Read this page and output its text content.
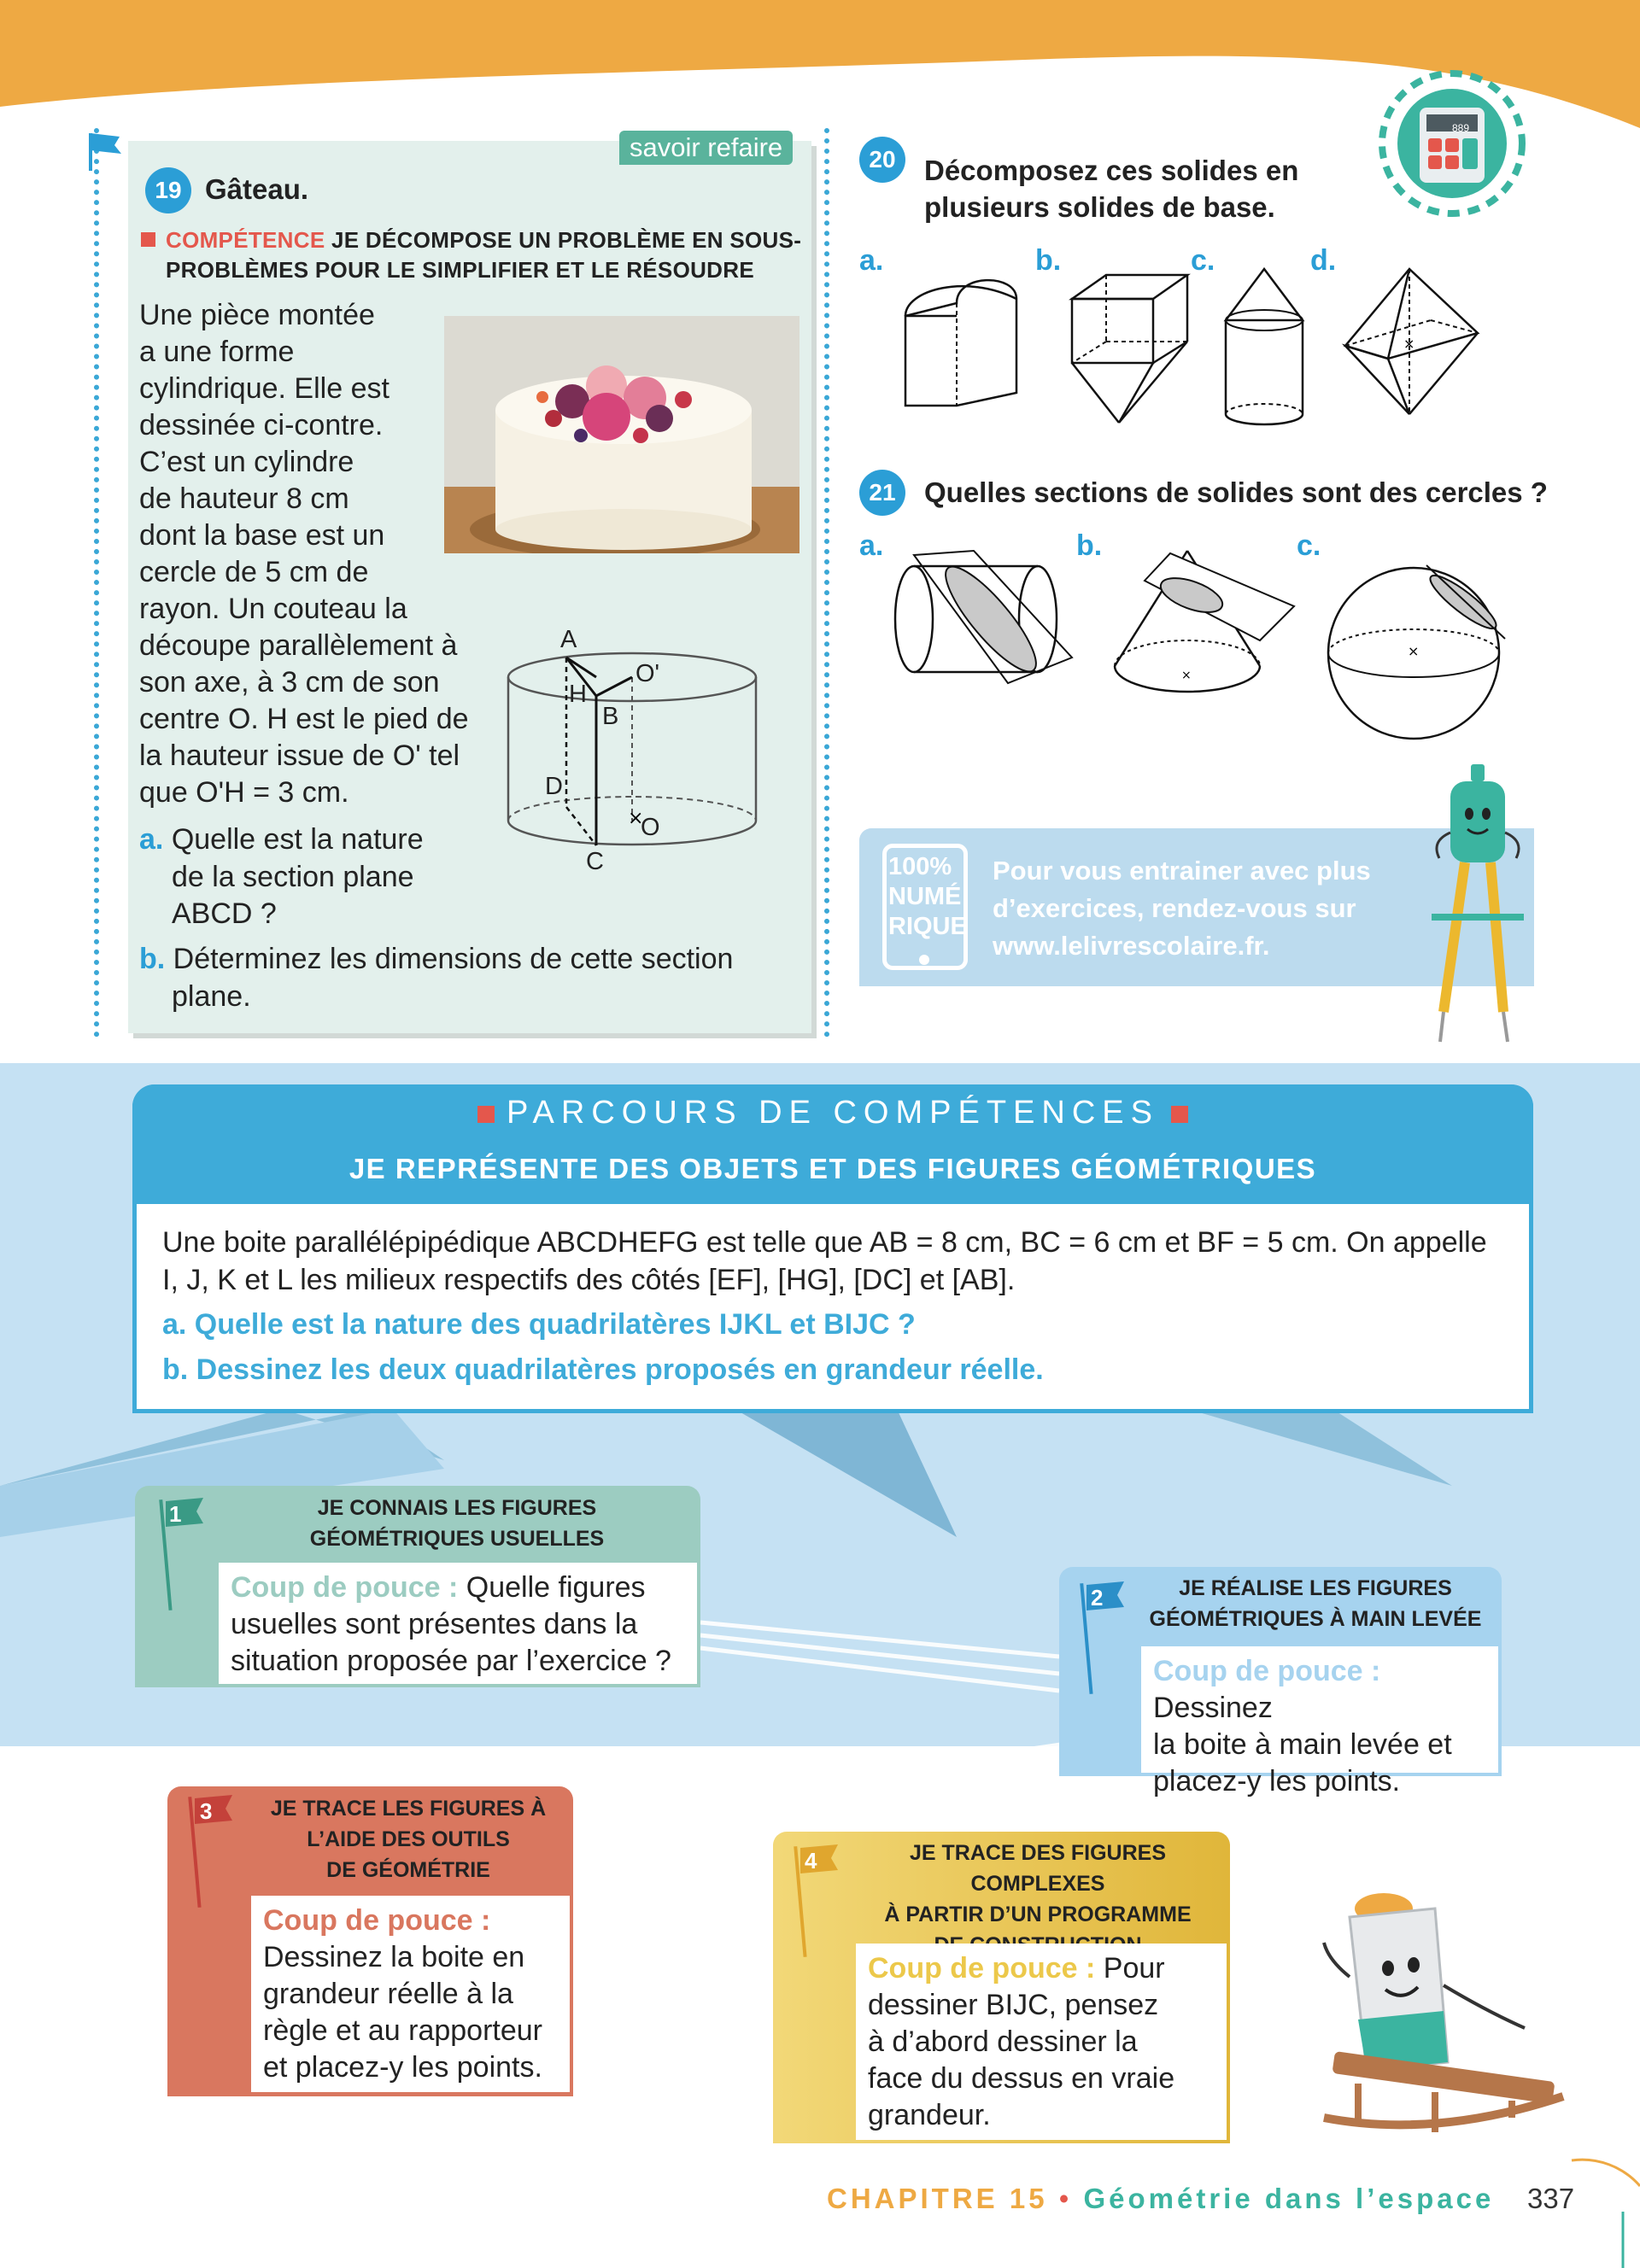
889
savoir refaire
19 Gâteau.
COMPÉTENCE JE DÉCOMPOSE UN PROBLÈME EN SOUS-
PROBLÈMES POUR LE SIMPLIFIER ET LE RÉSOUDRE
Une pièce montée
a une forme
cylindrique. Elle est
dessinée ci-contre.
C’est un cylindre
de hauteur 8 cm
dont la base est un
cercle de 5 cm de
rayon. Un couteau la
découpe parallèlement à
son axe, à 3 cm de son
centre O. H est le pied de
la hauteur issue de O' tel
que O'H = 3 cm.
a. Quelle est la nature
de la section plane
ABCD ?
b. Déterminez les dimensions de cette section
plane.
×
A
O'
H
B
D
O
C
20	Décomposez ces solides en
plusieurs solides de base.
a.	b.	c.	d.
×
21	Quelles sections de solides sont des cercles ?
a.	b.	c.
×
×
100%
NUMÉ
RIQUE
Pour vous entrainer avec plus
d’exercices, rendez-vous sur
www.lelivrescolaire.fr.
PARCOURS DE COMPÉTENCES
JE REPRÉSENTE DES OBJETS ET DES FIGURES GÉOMÉTRIQUES
Une boite parallélépipédique ABCDHEFG est telle que AB = 8 cm, BC = 6 cm et BF = 5 cm. On appelle
I, J, K et L les milieux respectifs des côtés [EF], [HG], [DC] et [AB].
a. Quelle est la nature des quadrilatères IJKL et BIJC ?
b. Dessinez les deux quadrilatères proposés en grandeur réelle.
JE CONNAIS LES FIGURES
GÉOMÉTRIQUES USUELLES
Coup de pouce : Quelle figures
usuelles sont présentes dans la
situation proposée par l’exercice ?
1
JE RÉALISE LES FIGURES
GÉOMÉTRIQUES À MAIN LEVÉE
Coup de pouce : Dessinez
la boite à main levée et
placez-y les points.
2
JE TRACE LES FIGURES À
L’AIDE DES OUTILS
DE GÉOMÉTRIE
Coup de pouce :
Dessinez la boite en
grandeur réelle à la
règle et au rapporteur
et placez-y les points.
3
JE TRACE DES FIGURES COMPLEXES
À PARTIR D’UN PROGRAMME
Coup de pouce : Pour
dessiner BIJC, pensez
à d’abord dessiner la
face du dessus en vraie
grandeur.
4
CHAPITRE 15 • Géométrie dans l’espace 337
